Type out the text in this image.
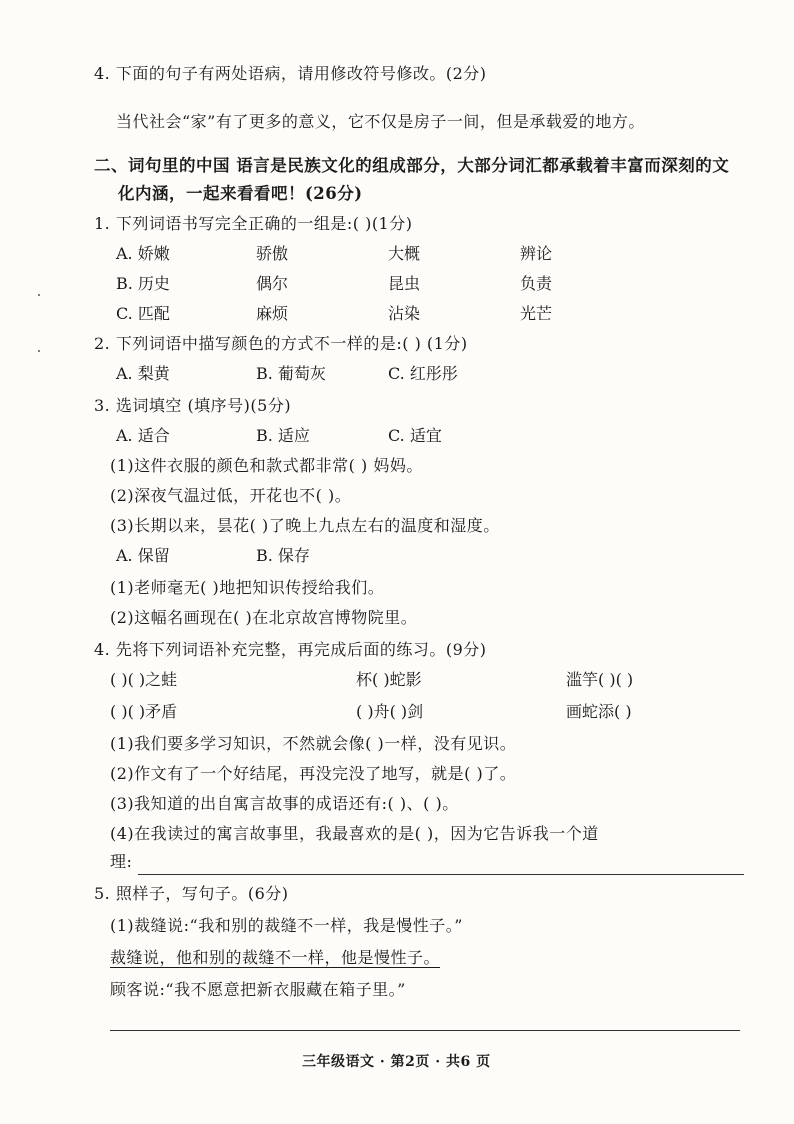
4. 下面的句子有两处语病，请用修改符号修改。(2分)
当代社会“家”有了更多的意义，它不仅是房子一间，但是承载爱的地方。
二、词句里的中国 语言是民族文化的组成部分，大部分词汇都承载着丰富而深刻的文
化内涵，一起来看看吧！(26分)
1. 下列词语书写完全正确的一组是:( )(1分)
A. 娇嫩	骄傲	大概	辨论
B. 历史	偶尔	昆虫	负责
C. 匹配	麻烦	沾染	光芒
2. 下列词语中描写颜色的方式不一样的是:( ) (1分)
A. 梨黄	B. 葡萄灰	C. 红彤彤
3. 选词填空 (填序号)(5分)
A. 适合	B. 适应	C. 适宜
(1)这件衣服的颜色和款式都非常( ) 妈妈。
(2)深夜气温过低，开花也不( )。
(3)长期以来，昙花( )了晚上九点左右的温度和湿度。
A. 保留	B. 保存
(1)老师毫无( )地把知识传授给我们。
(2)这幅名画现在( )在北京故宫博物院里。
4. 先将下列词语补充完整，再完成后面的练习。(9分)
( )( )之蛙	杯( )蛇影	滥竽( )( )
( )( )矛盾	( )舟( )剑	画蛇添( )
(1)我们要多学习知识，不然就会像( )一样，没有见识。
(2)作文有了一个好结尾，再没完没了地写，就是( )了。
(3)我知道的出自寓言故事的成语还有:( )、( )。
(4)在我读过的寓言故事里，我最喜欢的是( )，因为它告诉我一个道
理:
5. 照样子，写句子。(6分)
(1)裁缝说:“我和别的裁缝不一样，我是慢性子。”
裁缝说，他和别的裁缝不一样，他是慢性子。
顾客说:“我不愿意把新衣服藏在箱子里。”
三年级语文 · 第2页 · 共6 页
